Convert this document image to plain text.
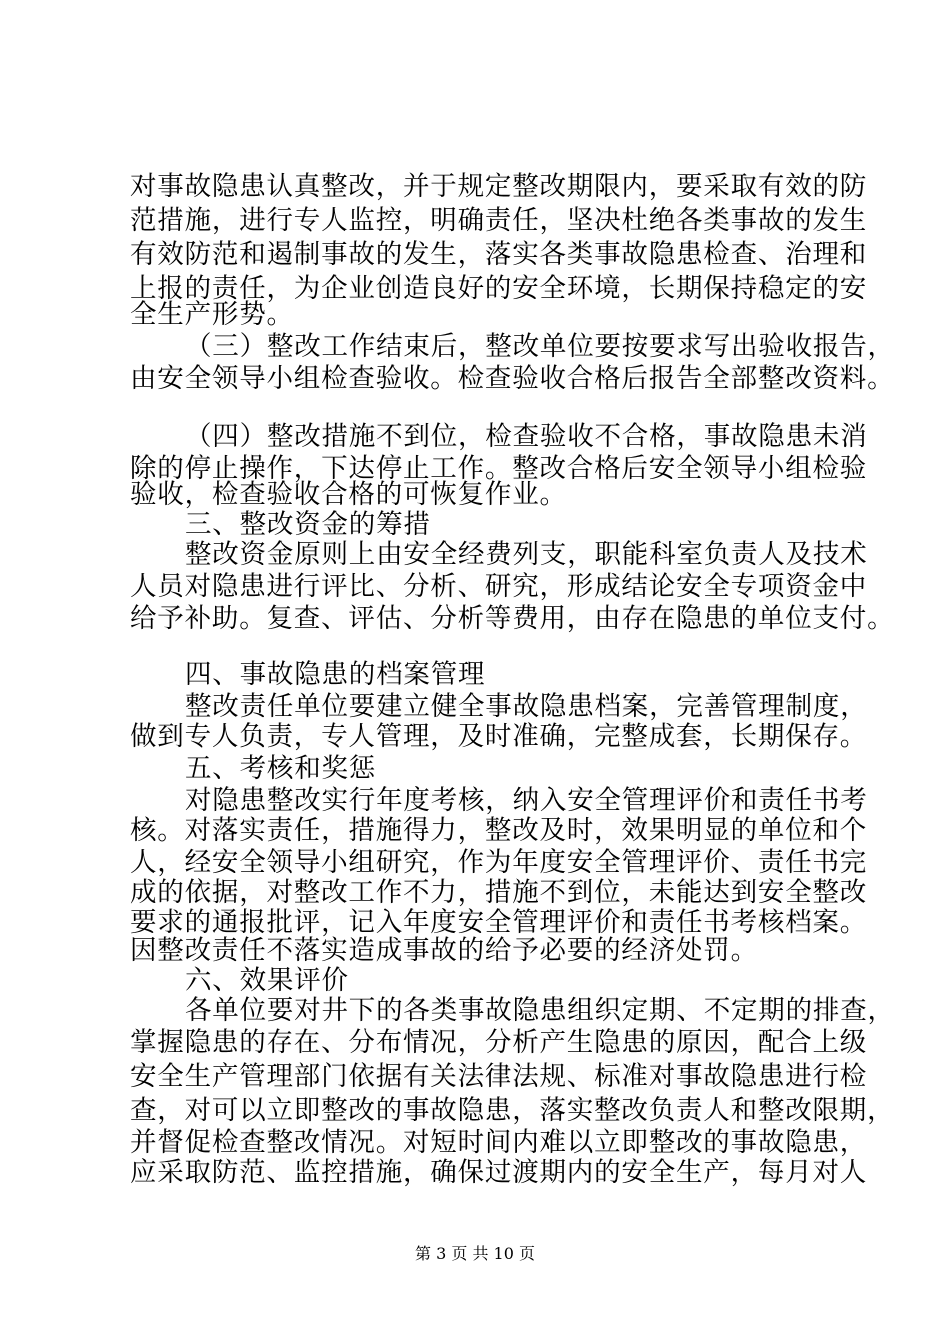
对事故隐患认真整改，并于规定整改期限内，要采取有效的防
范措施，进行专人监控，明确责任，坚决杜绝各类事故的发生
有效防范和遏制事故的发生，落实各类事故隐患检查、治理和
上报的责任，为企业创造良好的安全环境，长期保持稳定的安
全生产形势。
（三）整改工作结束后，整改单位要按要求写出验收报告，
由安全领导小组检查验收。检查验收合格后报告全部整改资料。
（四）整改措施不到位，检查验收不合格，事故隐患未消
除的停止操作，下达停止工作。整改合格后安全领导小组检验
验收，检查验收合格的可恢复作业。
三、整改资金的筹措
整改资金原则上由安全经费列支，职能科室负责人及技术
人员对隐患进行评比、分析、研究，形成结论安全专项资金中
给予补助。复查、评估、分析等费用，由存在隐患的单位支付。
四、事故隐患的档案管理
整改责任单位要建立健全事故隐患档案，完善管理制度，
做到专人负责，专人管理，及时准确，完整成套，长期保存。
五、考核和奖惩
对隐患整改实行年度考核，纳入安全管理评价和责任书考
核。对落实责任，措施得力，整改及时，效果明显的单位和个
人，经安全领导小组研究，作为年度安全管理评价、责任书完
成的依据，对整改工作不力，措施不到位，未能达到安全整改
要求的通报批评，记入年度安全管理评价和责任书考核档案。
因整改责任不落实造成事故的给予必要的经济处罚。
六、效果评价
各单位要对井下的各类事故隐患组织定期、不定期的排查，
掌握隐患的存在、分布情况，分析产生隐患的原因，配合上级
安全生产管理部门依据有关法律法规、标准对事故隐患进行检
查，对可以立即整改的事故隐患，落实整改负责人和整改限期，
并督促检查整改情况。对短时间内难以立即整改的事故隐患，
应采取防范、监控措施，确保过渡期内的安全生产，每月对人
第 3 页 共 10 页
